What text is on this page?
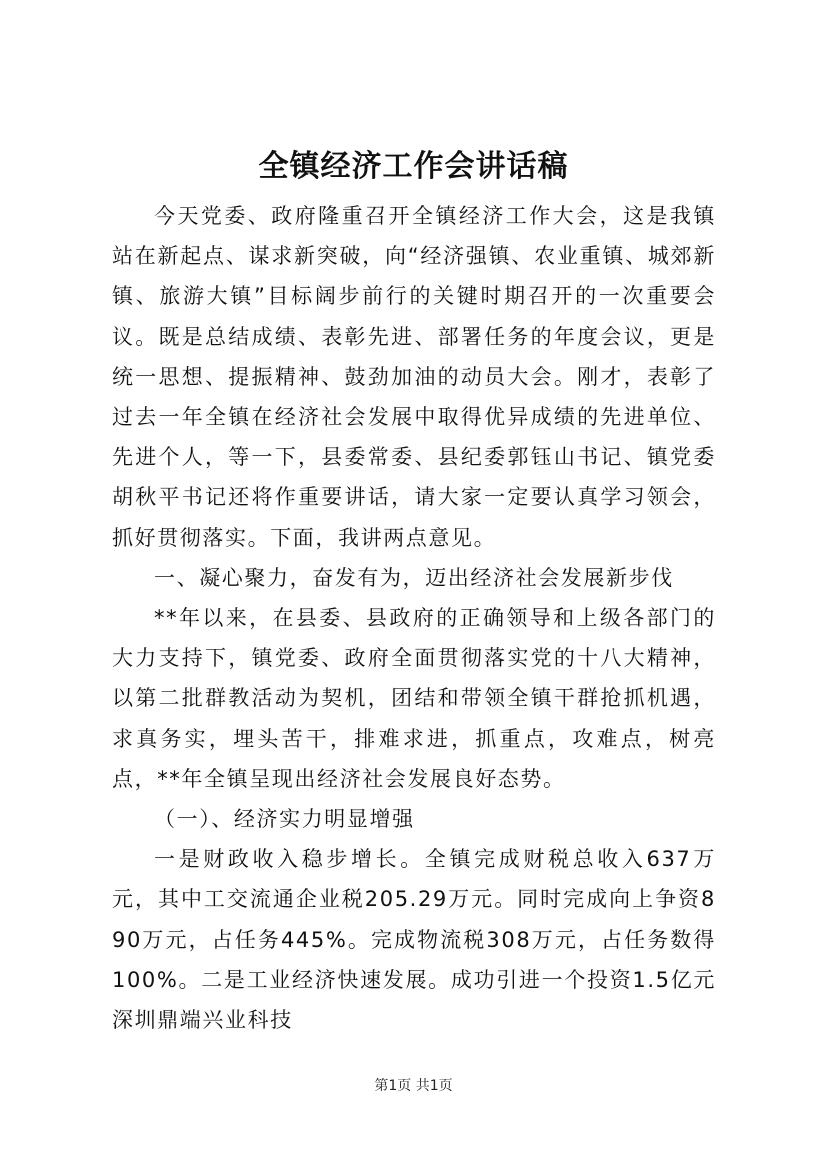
全镇经济工作会讲话稿

今天党委、政府隆重召开全镇经济工作大会，这是我镇站在新起点、谋求新突破，向“经济强镇、农业重镇、城郊新镇、旅游大镇”目标阔步前行的关键时期召开的一次重要会议。既是总结成绩、表彰先进、部署任务的年度会议，更是统一思想、提振精神、鼓劲加油的动员大会。刚才，表彰了过去一年全镇在经济社会发展中取得优异成绩的先进单位、先进个人，等一下，县委常委、县纪委郭钰山书记、镇党委胡秋平书记还将作重要讲话，请大家一定要认真学习领会，抓好贯彻落实。下面，我讲两点意见。

一、凝心聚力，奋发有为，迈出经济社会发展新步伐

**年以来，在县委、县政府的正确领导和上级各部门的大力支持下，镇党委、政府全面贯彻落实党的十八大精神，以第二批群教活动为契机，团结和带领全镇干群抢抓机遇，求真务实，埋头苦干，排难求进，抓重点，攻难点，树亮点，**年全镇呈现出经济社会发展良好态势。

（一）、经济实力明显增强

一是财政收入稳步增长。全镇完成财税总收入637万元，其中工交流通企业税205.29万元。同时完成向上争资890万元，占任务445%。完成物流税308万元，占任务数得100%。二是工业经济快速发展。成功引进一个投资1.5亿元深圳鼎端兴业科技

第1页 共1页
